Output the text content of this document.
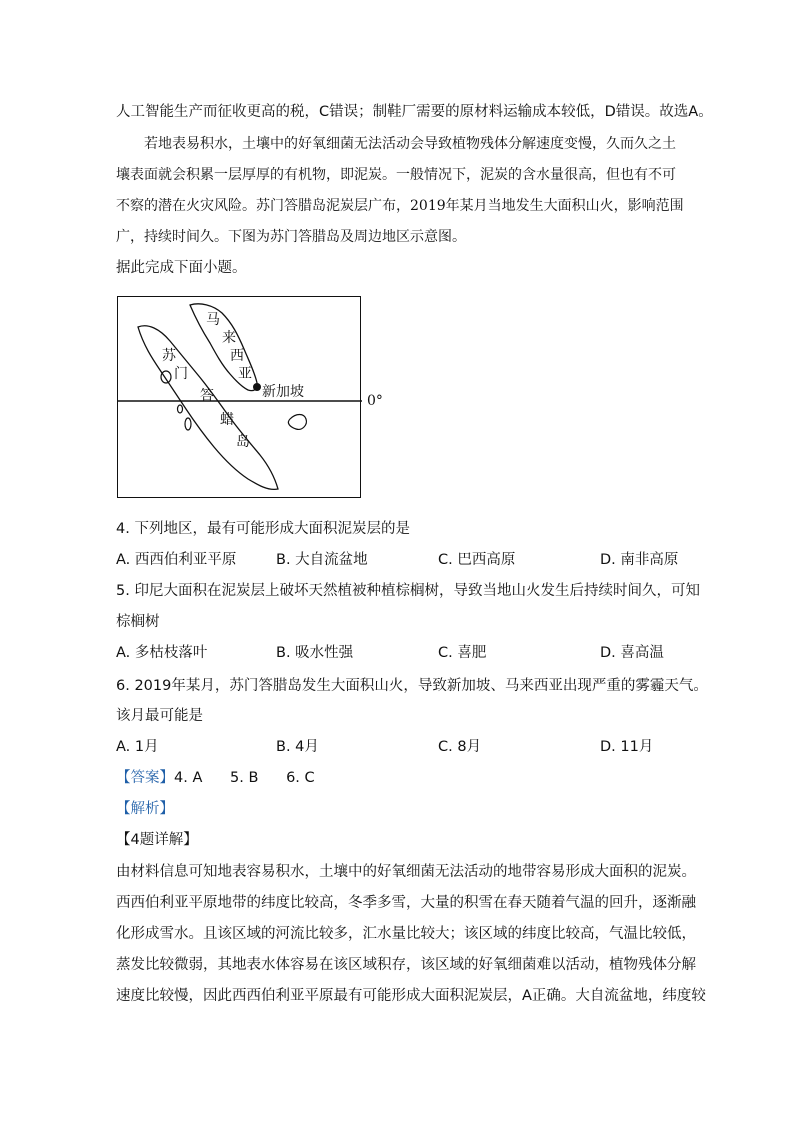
人工智能生产而征收更高的税，C错误；制鞋厂需要的原材料运输成本较低，D错误。故选A。
若地表易积水，土壤中的好氧细菌无法活动会导致植物残体分解速度变慢，久而久之土
壤表面就会积累一层厚厚的有机物，即泥炭。一般情况下，泥炭的含水量很高，但也有不可
不察的潜在火灾风险。苏门答腊岛泥炭层广布，2019年某月当地发生大面积山火，影响范围
广，持续时间久。下图为苏门答腊岛及周边地区示意图。
据此完成下面小题。
马
来
西
亚
新加坡
苏
门
答
蜡
岛
0°
4. 下列地区，最有可能形成大面积泥炭层的是
A. 西西伯利亚平原	B. 大自流盆地	C. 巴西高原	D. 南非高原
5. 印尼大面积在泥炭层上破坏天然植被种植棕榈树，导致当地山火发生后持续时间久，可知
棕榈树
A. 多枯枝落叶	B. 吸水性强	C. 喜肥	D. 喜高温
6. 2019年某月，苏门答腊岛发生大面积山火，导致新加坡、马来西亚出现严重的雾霾天气。
该月最可能是
A. 1月	B. 4月	C. 8月	D. 11月
【答案】4. A      5. B      6. C
【解析】
【4题详解】
由材料信息可知地表容易积水，土壤中的好氧细菌无法活动的地带容易形成大面积的泥炭。
西西伯利亚平原地带的纬度比较高，冬季多雪，大量的积雪在春天随着气温的回升，逐渐融
化形成雪水。且该区域的河流比较多，汇水量比较大；该区域的纬度比较高，气温比较低，
蒸发比较微弱，其地表水体容易在该区域积存，该区域的好氧细菌难以活动，植物残体分解
速度比较慢，因此西西伯利亚平原最有可能形成大面积泥炭层，A正确。大自流盆地，纬度较
